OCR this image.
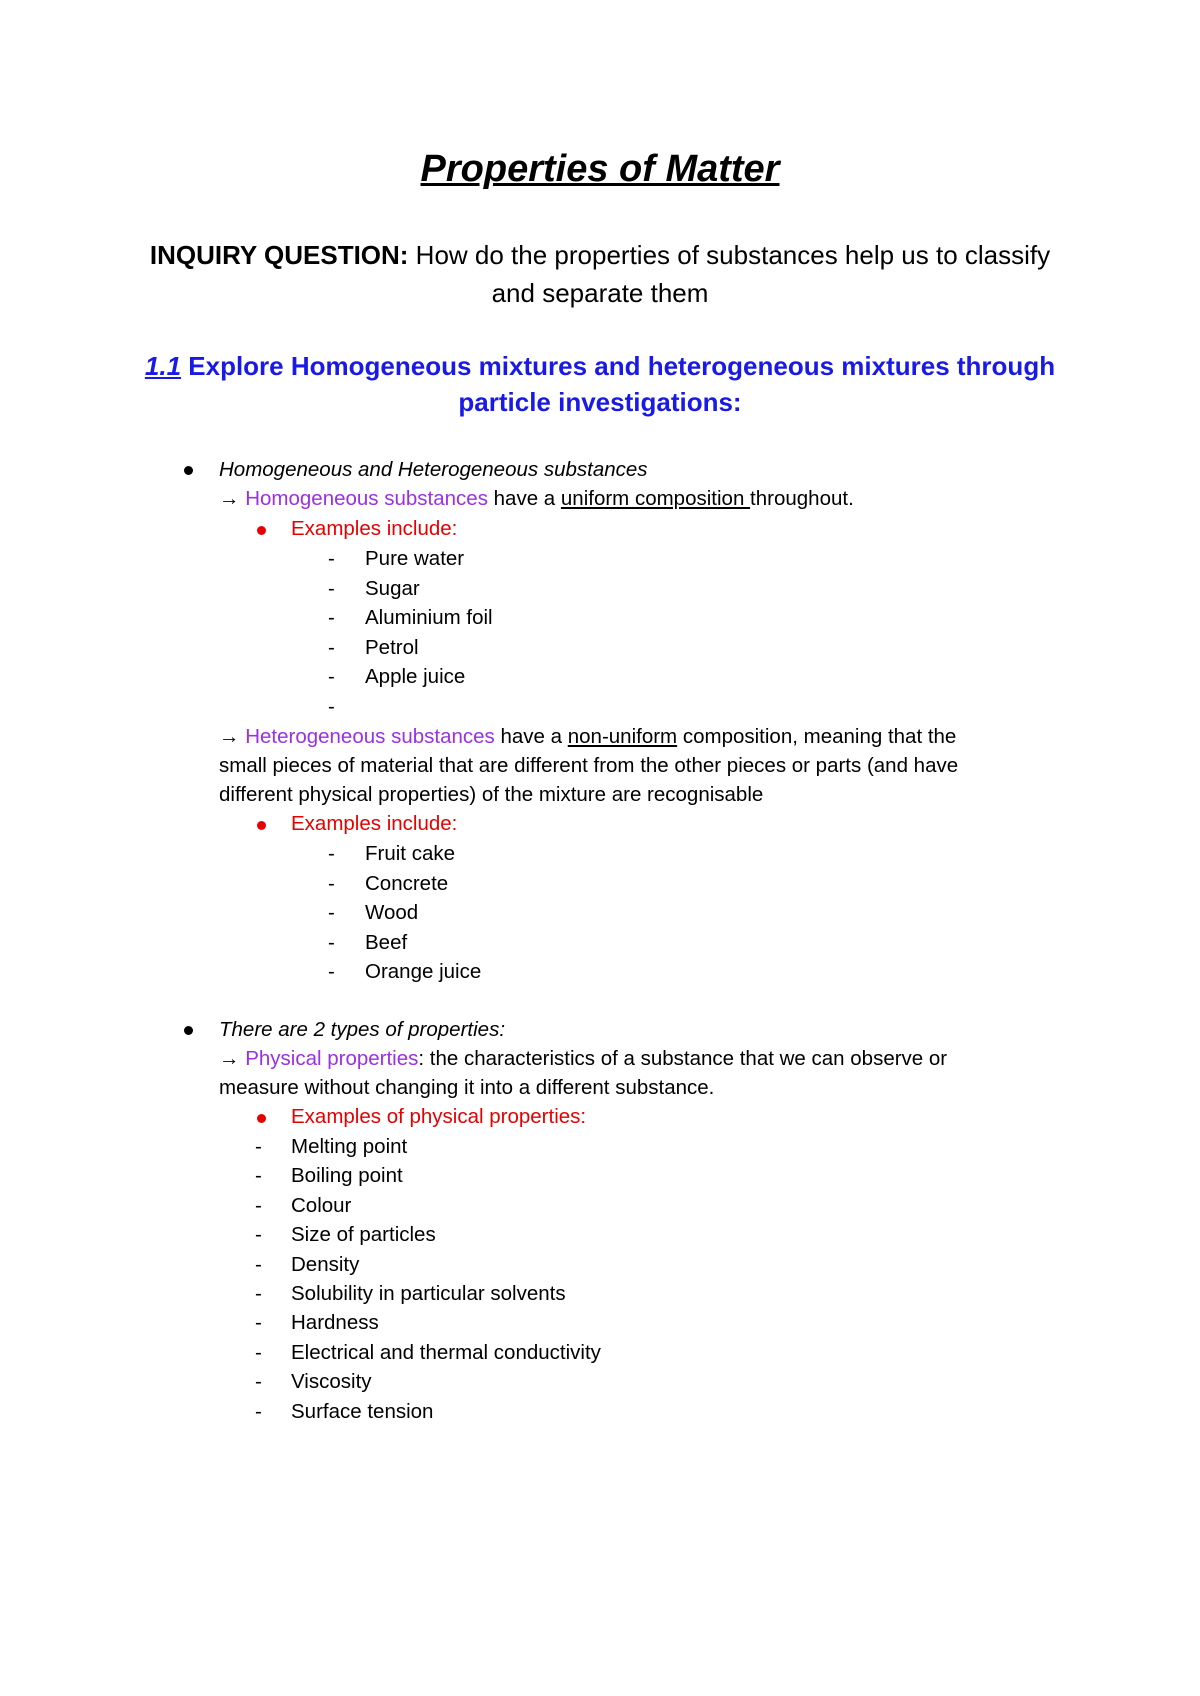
Properties of Matter

INQUIRY QUESTION: How do the properties of substances help us to classify and separate them

1.1 Explore Homogeneous mixtures and heterogeneous mixtures through particle investigations:

Homogeneous and Heterogeneous substances
→ Homogeneous substances have a uniform composition throughout.
Examples include:
- Pure water
- Sugar
- Aluminium foil
- Petrol
- Apple juice
-
→ Heterogeneous substances have a non-uniform composition, meaning that the
small pieces of material that are different from the other pieces or parts (and have
different physical properties) of the mixture are recognisable
Examples include:
- Fruit cake
- Concrete
- Wood
- Beef
- Orange juice
There are 2 types of properties:
→ Physical properties: the characteristics of a substance that we can observe or
measure without changing it into a different substance.
Examples of physical properties:
- Melting point
- Boiling point
- Colour
- Size of particles
- Density
- Solubility in particular solvents
- Hardness
- Electrical and thermal conductivity
- Viscosity
- Surface tension
